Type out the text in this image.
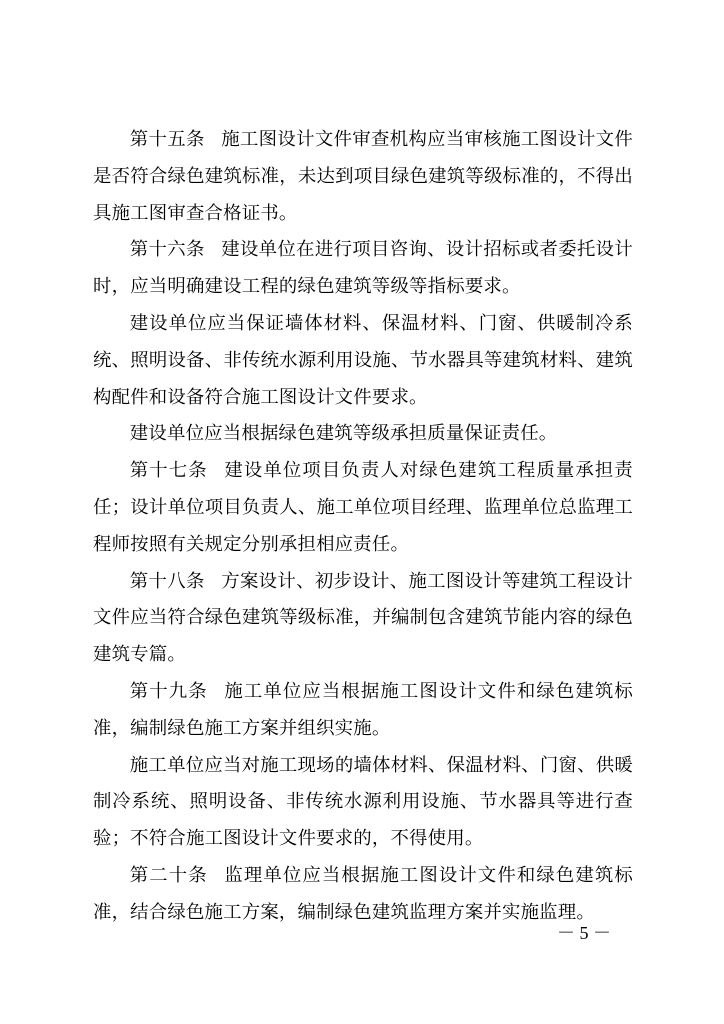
第十五条 施工图设计文件审查机构应当审核施工图设计文件是否符合绿色建筑标准，未达到项目绿色建筑等级标准的，不得出具施工图审查合格证书。

第十六条 建设单位在进行项目咨询、设计招标或者委托设计时，应当明确建设工程的绿色建筑等级等指标要求。

建设单位应当保证墙体材料、保温材料、门窗、供暖制冷系统、照明设备、非传统水源利用设施、节水器具等建筑材料、建筑构配件和设备符合施工图设计文件要求。

建设单位应当根据绿色建筑等级承担质量保证责任。

第十七条 建设单位项目负责人对绿色建筑工程质量承担责任；设计单位项目负责人、施工单位项目经理、监理单位总监理工程师按照有关规定分别承担相应责任。

第十八条 方案设计、初步设计、施工图设计等建筑工程设计文件应当符合绿色建筑等级标准，并编制包含建筑节能内容的绿色建筑专篇。

第十九条 施工单位应当根据施工图设计文件和绿色建筑标准，编制绿色施工方案并组织实施。

施工单位应当对施工现场的墙体材料、保温材料、门窗、供暖制冷系统、照明设备、非传统水源利用设施、节水器具等进行查验；不符合施工图设计文件要求的，不得使用。

第二十条 监理单位应当根据施工图设计文件和绿色建筑标准，结合绿色施工方案，编制绿色建筑监理方案并实施监理。

－ 5 －
